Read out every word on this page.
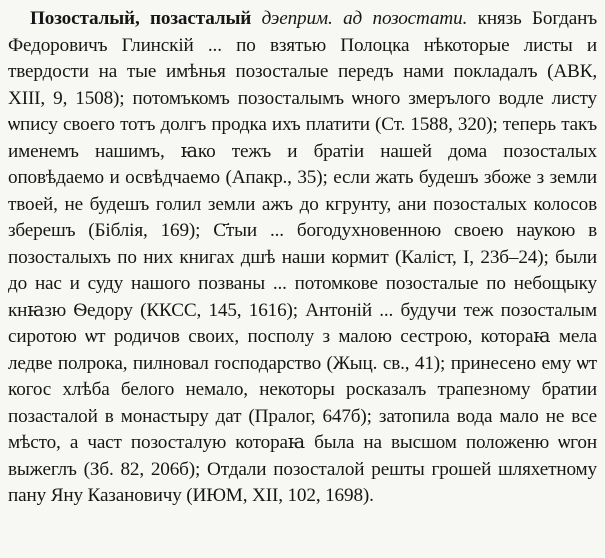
Позосталый, позасталый дэеприм. ад позостати. князь Богданъ Федоровичъ Глинскій ... по взятью Полоцка нѣкоторые листы и твердости на тые имѣнья позосталые передъ нами покладалъ (АВК, XIII, 9, 1508); потомъкомъ позосталымъ ѡного змерълого водле листу ѡпису своего тотъ долгъ продка ихъ платити (Ст. 1588, 320); теперь такъ именемъ нашимъ, ꙗко тежъ и братіи нашей дома позосталых оповѣдаемо и освѣдчаемо (Апакр., 35); если жать будешъ збоже з земли твоей, не будешъ голил земли ажъ до кгрунту, ани позосталых колосов зберешъ (Біблія, 169); С҃тыи ... богодухновенною своею наукою в позосталыхъ по них книгах дшѣ наши кормит (Каліст, I, 23б–24); были до нас и суду нашого позваны ... потомкове позосталые по небощыку кнꙗзю Ѳедору (ККСС, 145, 1616); Антоній ... будучи теж позосталым сиротою ѡт родичов своих, посполу з малою сестрою, котораꙗ мела ледве полрока, пилновал господарство (Жыц. св., 41); принесено ему ѡт когос хлѣба белого немало, некоторы росказалъ трапезному братии позасталой в монастыру дат (Пралог, 647б); затопила вода мало не все мѣсто, а част позосталую котораꙗ была на высшом положеню ѡгон выжеглъ (Зб. 82, 206б); Отдали позосталой решты грошей шляхетному пану Яну Казановичу (ИЮМ, XII, 102, 1698).
